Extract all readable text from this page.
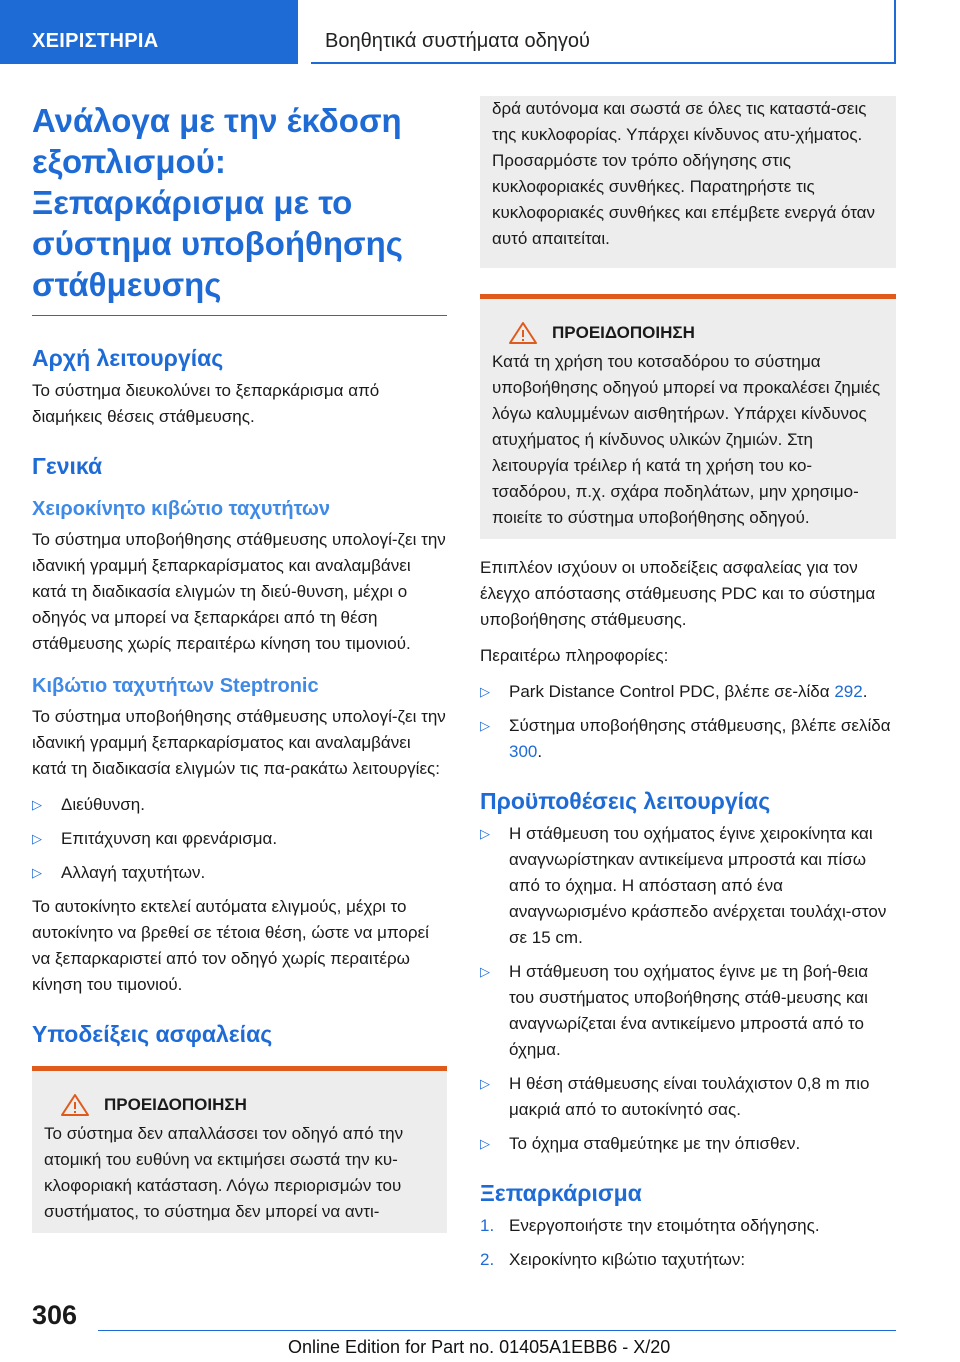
ΧΕΙΡΙΣΤΗΡΙΑ	Βοηθητικά συστήματα οδηγού
Ανάλογα με την έκδοση
εξοπλισμού:
Ξεπαρκάρισμα με το
σύστημα υποβοήθησης
στάθμευσης
Αρχή λειτουργίας

Το σύστημα διευκολύνει το ξεπαρκάρισμα από διαμήκεις θέσεις στάθμευσης.

Γενικά
Χειροκίνητο κιβώτιο ταχυτήτων

Το σύστημα υποβοήθησης στάθμευσης υπολογί-ζει την ιδανική γραμμή ξεπαρκαρίσματος και αναλαμβάνει κατά τη διαδικασία ελιγμών τη διεύ-θυνση, μέχρι ο οδηγός να μπορεί να ξεπαρκάρει από τη θέση στάθμευσης χωρίς περαιτέρω κίνηση του τιμονιού.

Κιβώτιο ταχυτήτων Steptronic

Το σύστημα υποβοήθησης στάθμευσης υπολογί-ζει την ιδανική γραμμή ξεπαρκαρίσματος και αναλαμβάνει κατά τη διαδικασία ελιγμών τις πα-ρακάτω λειτουργίες:

▷ Διεύθυνση.
▷ Επιτάχυνση και φρενάρισμα.
▷ Αλλαγή ταχυτήτων.

Το αυτοκίνητο εκτελεί αυτόματα ελιγμούς, μέχρι το αυτοκίνητο να βρεθεί σε τέτοια θέση, ώστε να μπορεί να ξεπαρκαριστεί από τον οδηγό χωρίς περαιτέρω κίνηση του τιμονιού.

Υποδείξεις ασφαλείας
ΠΡΟΕΙΔΟΠΟΙΗΣΗ

Το σύστημα δεν απαλλάσσει τον οδηγό από την ατομική του ευθύνη να εκτιμήσει σωστά την κυ-κλοφοριακή κατάσταση. Λόγω περιορισμών του συστήματος, το σύστημα δεν μπορεί να αντι-

δρά αυτόνομα και σωστά σε όλες τις καταστά-σεις της κυκλοφορίας. Υπάρχει κίνδυνος ατυ-χήματος. Προσαρμόστε τον τρόπο οδήγησης στις κυκλοφοριακές συνθήκες. Παρατηρήστε τις κυκλοφοριακές συνθήκες και επέμβετε ενεργά όταν αυτό απαιτείται.

ΠΡΟΕΙΔΟΠΟΙΗΣΗ

Κατά τη χρήση του κοτσαδόρου το σύστημα υποβοήθησης οδηγού μπορεί να προκαλέσει ζημιές λόγω καλυμμένων αισθητήρων. Υπάρχει κίνδυνος ατυχήματος ή κίνδυνος υλικών ζημιών. Στη λειτουργία τρέιλερ ή κατά τη χρήση του κο-τσαδόρου, π.χ. σχάρα ποδηλάτων, μην χρησιμο-ποιείτε το σύστημα υποβοήθησης οδηγού.

Επιπλέον ισχύουν οι υποδείξεις ασφαλείας για τον έλεγχο απόστασης στάθμευσης PDC και το σύστημα υποβοήθησης στάθμευσης.

Περαιτέρω πληροφορίες:

▷ Park Distance Control PDC, βλέπε σε-λίδα 292.
▷ Σύστημα υποβοήθησης στάθμευσης, βλέπε σελίδα 300.
Προϋποθέσεις λειτουργίας
▷ Η στάθμευση του οχήματος έγινε χειροκίνητα και αναγνωρίστηκαν αντικείμενα μπροστά και πίσω από το όχημα. Η απόσταση από ένα αναγνωρισμένο κράσπεδο ανέρχεται τουλάχι-στον σε 15 cm.
▷ Η στάθμευση του οχήματος έγινε με τη βοή-θεια του συστήματος υποβοήθησης στάθ-μευσης και αναγνωρίζεται ένα αντικείμενο μπροστά από το όχημα.
▷ Η θέση στάθμευσης είναι τουλάχιστον 0,8 m πιο μακριά από το αυτοκίνητό σας.
▷ Το όχημα σταθμεύτηκε με την όπισθεν.
Ξεπαρκάρισμα
1. Ενεργοποιήστε την ετοιμότητα οδήγησης.
2. Χειροκίνητο κιβώτιο ταχυτήτων:
306
Online Edition for Part no. 01405A1EBB6 - X/20
